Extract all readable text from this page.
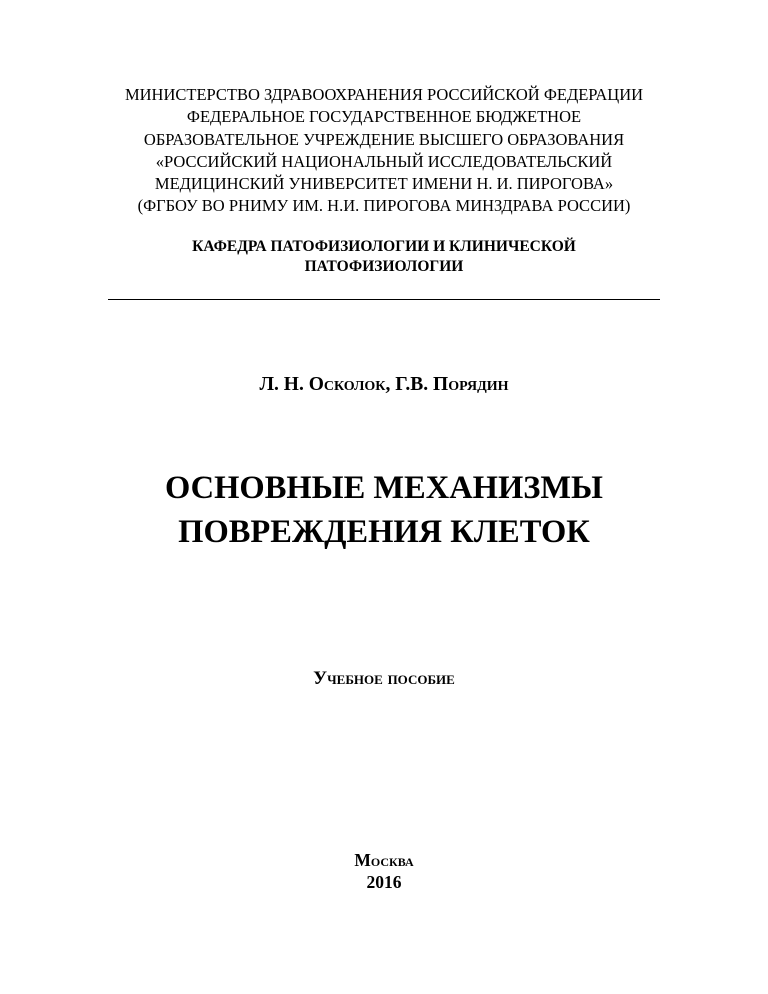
МИНИСТЕРСТВО ЗДРАВООХРАНЕНИЯ РОССИЙСКОЙ ФЕДЕРАЦИИ
ФЕДЕРАЛЬНОЕ ГОСУДАРСТВЕННОЕ БЮДЖЕТНОЕ
ОБРАЗОВАТЕЛЬНОЕ УЧРЕЖДЕНИЕ ВЫСШЕГО ОБРАЗОВАНИЯ
«РОССИЙСКИЙ НАЦИОНАЛЬНЫЙ ИССЛЕДОВАТЕЛЬСКИЙ
МЕДИЦИНСКИЙ УНИВЕРСИТЕТ ИМЕНИ Н. И. ПИРОГОВА»
(ФГБОУ ВО РНИМУ ИМ. Н.И. ПИРОГОВА МИНЗДРАВА РОССИИ)
КАФЕДРА ПАТОФИЗИОЛОГИИ И КЛИНИЧЕСКОЙ
ПАТОФИЗИОЛОГИИ
Л. Н. Осколок, Г.В. Порядин
ОСНОВНЫЕ МЕХАНИЗМЫ
ПОВРЕЖДЕНИЯ КЛЕТОК
Учебное пособие
Москва
2016
